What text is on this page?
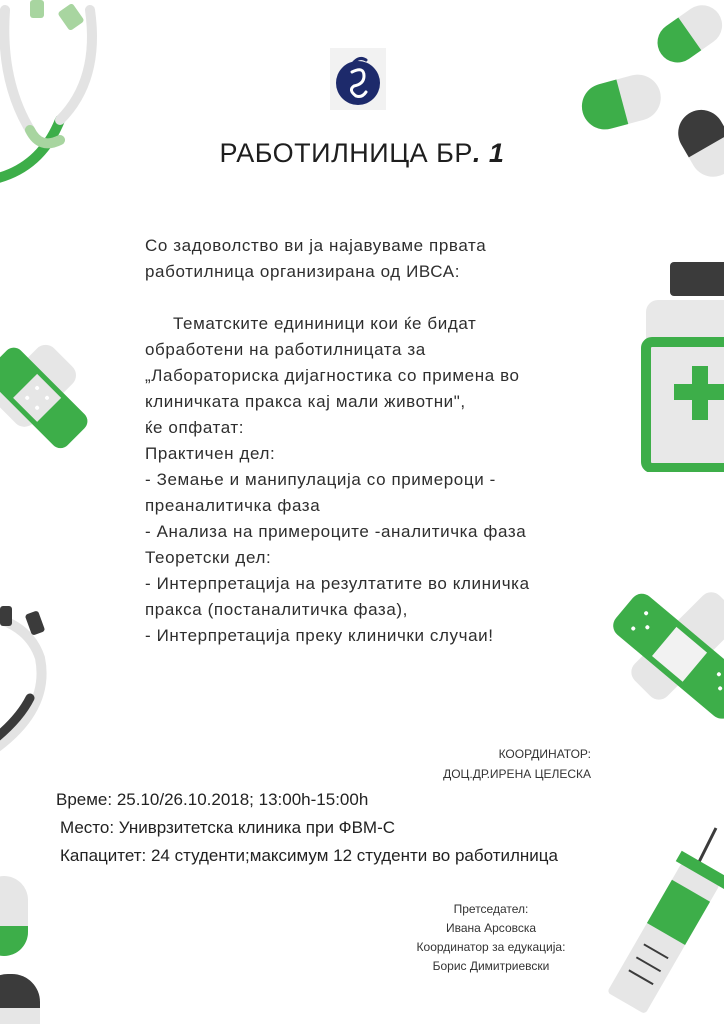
РАБОТИЛНИЦА БР. 1
Со задоволство ви ја најавуваме првата
работилница организирана од ИВСА:
Тематските едининици кои ќе бидат
обработени на работилницата за
„Лабораториска дијагностика со примена во
клиничката пракса кај мали животни",
ќе опфатат:
Практичен дел:
- Земање и манипулација со примероци -
преаналитичка фаза
- Анализа на примероците -аналитичка фаза
Теоретски дел:
- Интерпретација на резултатите во клиничка
пракса (постаналитичка фаза),
- Интерпретација преку клинички случаи!
КООРДИНАТОР:
ДОЦ.ДР.ИРЕНА ЦЕЛЕСКА
Време: 25.10/26.10.2018; 13:00h-15:00h
Место: Униврзитетска клиника при ФВМ-С
Капацитет: 24 студенти;максимум 12 студенти во работилница
Претседател:
Ивана Арсовска
Координатор за едукација:
Борис Димитриевски
